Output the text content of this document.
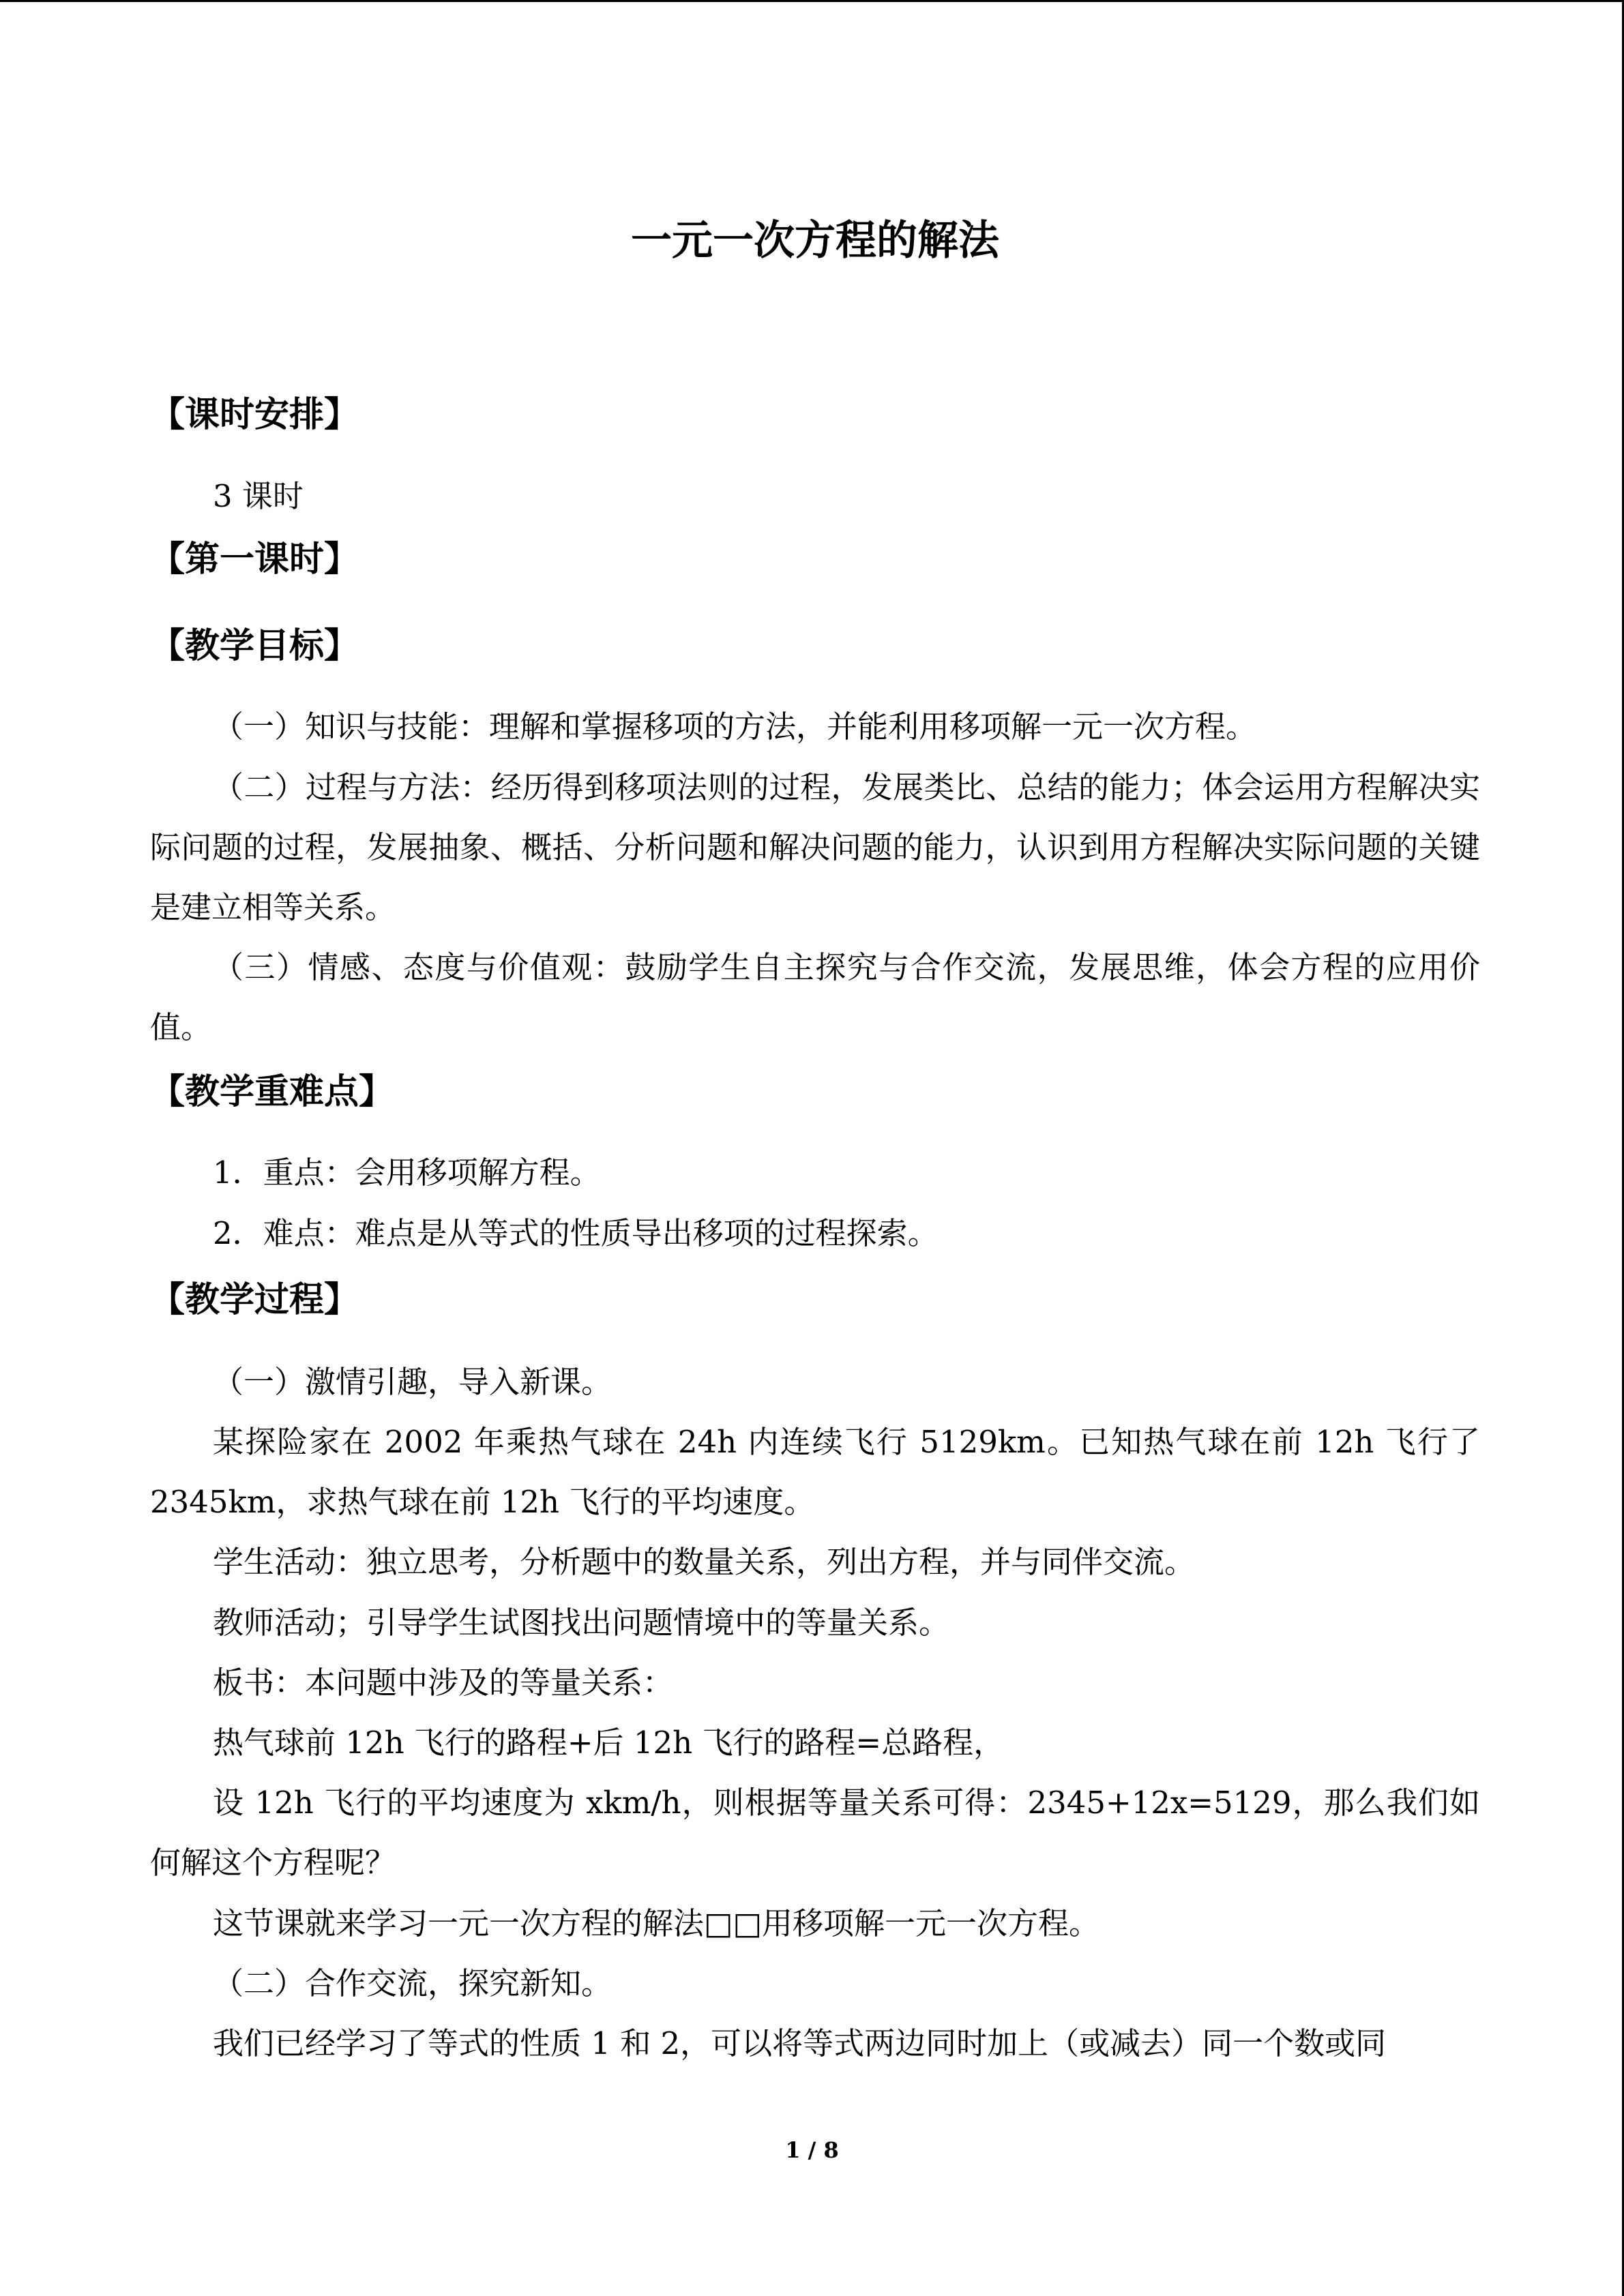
一元一次方程的解法
【课时安排】

3 课时

【第一课时】
【教学目标】

（一）知识与技能：理解和掌握移项的方法，并能利用移项解一元一次方程。

（二）过程与方法：经历得到移项法则的过程，发展类比、总结的能力；体会运用方程解决实际问题的过程，发展抽象、概括、分析问题和解决问题的能力，认识到用方程解决实际问题的关键是建立相等关系。

（三）情感、态度与价值观：鼓励学生自主探究与合作交流，发展思维，体会方程的应用价值。

【教学重难点】

1．重点：会用移项解方程。

2．难点：难点是从等式的性质导出移项的过程探索。

【教学过程】

（一）激情引趣，导入新课。

某探险家在 2002 年乘热气球在 24h 内连续飞行 5129km。已知热气球在前 12h 飞行了 2345km，求热气球在前 12h 飞行的平均速度。

学生活动：独立思考，分析题中的数量关系，列出方程，并与同伴交流。

教师活动；引导学生试图找出问题情境中的等量关系。

板书：本问题中涉及的等量关系：

热气球前 12h 飞行的路程+后 12h 飞行的路程=总路程，

设 12h 飞行的平均速度为 xkm/h，则根据等量关系可得：2345+12x=5129，那么我们如何解这个方程呢？

这节课就来学习一元一次方程的解法□□用移项解一元一次方程。

（二）合作交流，探究新知。

我们已经学习了等式的性质 1 和 2，可以将等式两边同时加上（或减去）同一个数或同

1 / 8
